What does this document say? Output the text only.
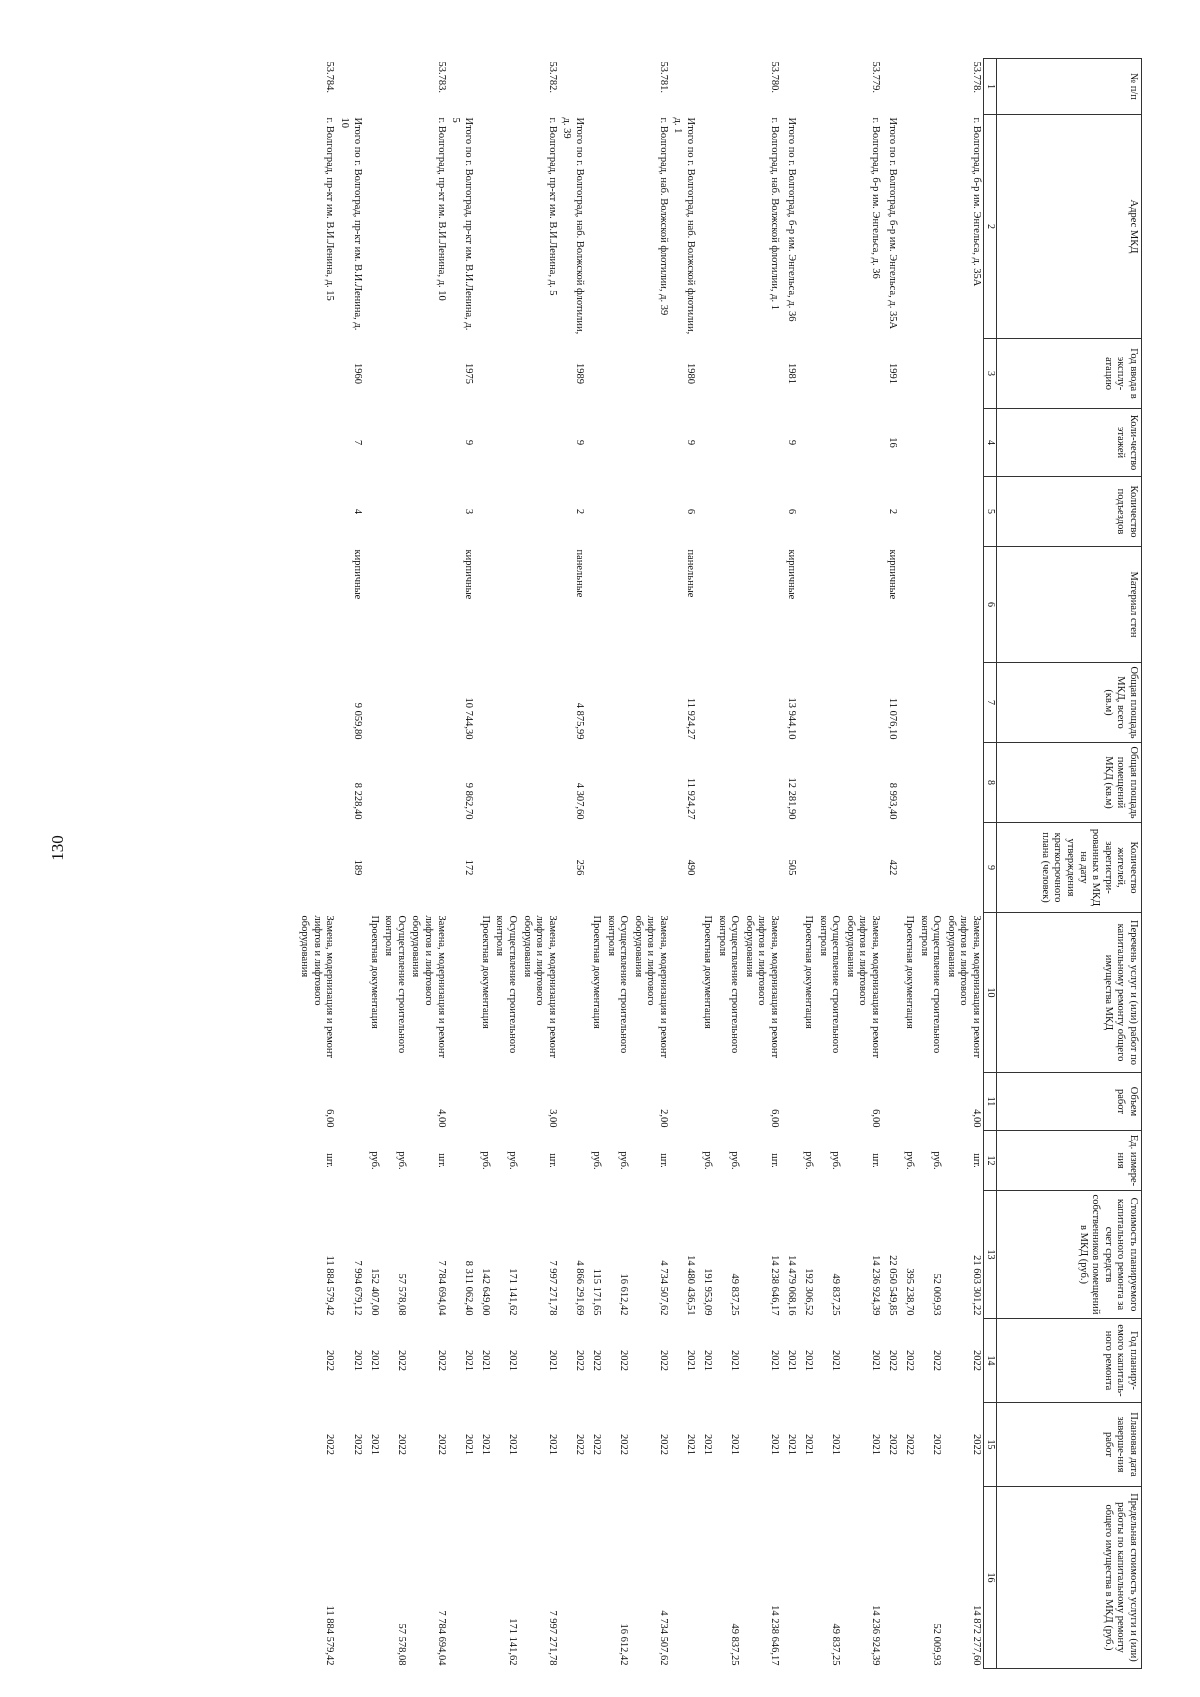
130
№ п/п	Адрес МКД	Год ввода в эксплу-атацию	Коли-чество этажей	Количество подъездов	Материал стен	Общая площадь МКД, всего (кв.м)	Общая площадь помещений МКД (кв.м)	Количество жителей, зарегистри-рованных в МКД на дату утверждения краткосрочного плана (человек)	Перечень услуг и (или) работ по капитальному ремонту общего имущества МКД	Объем работ	Ед. измере-ния	Стоимость планируемого капитального ремонта за счет средств собственников помещений в МКД (руб.)	Год планиру-емого капиталь-ного ремонта	Плановая дата заверше-ния работ	Предельная стоимость услуги и (или) работы по капитальному ремонту общего имущества в МКД (руб.)
1	2	3	4	5	6	7	8	9	10	11	12	13	14	15	16
53.778.	г. Волгоград, б-р им. Энгельса, д. 35А								Замена, модернизация и ремонт лифтов и лифтового оборудования	4,00	шт.	21 603 301,22	2022	2022	14 872 277,60
									Осуществление строительного контроля		руб.	52 009,93	2022	2022	52 009,93
									Проектная документация		руб.	395 238,70	2022	2022	
	Итого по г. Волгоград, б-р им. Энгельса, д. 35А	1991	16	2	кирпичные	11 076,10	8 993,40	422				22 050 549,85	2022	2022	
53.779.	г. Волгоград, б-р им. Энгельса, д. 36								Замена, модернизация и ремонт лифтов и лифтового оборудования	6,00	шт.	14 236 924,39	2021	2021	14 236 924,39
									Осуществление строительного контроля		руб.	49 837,25	2021	2021	49 837,25
									Проектная документация		руб.	192 306,52	2021	2021	
	Итого по г. Волгоград, б-р им. Энгельса, д. 36	1981	9	6	кирпичные	13 944,10	12 281,90	505				14 479 068,16	2021	2021	
53.780.	г. Волгоград, наб. Волжской флотилии, д. 1								Замена, модернизация и ремонт лифтов и лифтового оборудования	6,00	шт.	14 238 646,17	2021	2021	14 238 646,17
									Осуществление строительного контроля		руб.	49 837,25	2021	2021	49 837,25
									Проектная документация		руб.	191 953,09	2021	2021	
	Итого по г. Волгоград, наб. Волжской флотилии, д. 1	1980	9	6	панельные	11 924,27	11 924,27	490				14 480 436,51	2021	2021	
53.781.	г. Волгоград, наб. Волжской флотилии, д. 39								Замена, модернизация и ремонт лифтов и лифтового оборудования	2,00	шт.	4 734 507,62	2022	2022	4 734 507,62
									Осуществление строительного контроля		руб.	16 612,42	2022	2022	16 612,42
									Проектная документация		руб.	115 171,65	2022	2022	
	Итого по г. Волгоград, наб. Волжской флотилии, д. 39	1989	9	2	панельные	4 875,99	4 307,60	256				4 866 291,69	2022	2022	
53.782.	г. Волгоград, пр-кт им. В.И.Ленина, д. 5								Замена, модернизация и ремонт лифтов и лифтового оборудования	3,00	шт.	7 997 271,78	2021	2021	7 997 271,78
									Осуществление строительного контроля		руб.	171 141,62	2021	2021	171 141,62
									Проектная документация		руб.	142 649,00	2021	2021	
	Итого по г. Волгоград, пр-кт им. В.И.Ленина, д. 5	1975	9	3	кирпичные	10 744,30	9 862,70	172				8 311 062,40	2021	2021	
53.783.	г. Волгоград, пр-кт им. В.И.Ленина, д. 10								Замена, модернизация и ремонт лифтов и лифтового оборудования	4,00	шт.	7 784 694,04	2022	2022	7 784 694,04
									Осуществление строительного контроля		руб.	57 578,08	2022	2022	57 578,08
									Проектная документация		руб.	152 407,00	2021	2021	
	Итого по г. Волгоград, пр-кт им. В.И.Ленина, д. 10	1960	7	4	кирпичные	9 059,80	8 228,40	189				7 994 679,12	2021	2022	
53.784.	г. Волгоград, пр-кт им. В.И.Ленина, д. 15								Замена, модернизация и ремонт лифтов и лифтового оборудования	6,00	шт.	11 884 579,42	2022	2022	11 884 579,42
